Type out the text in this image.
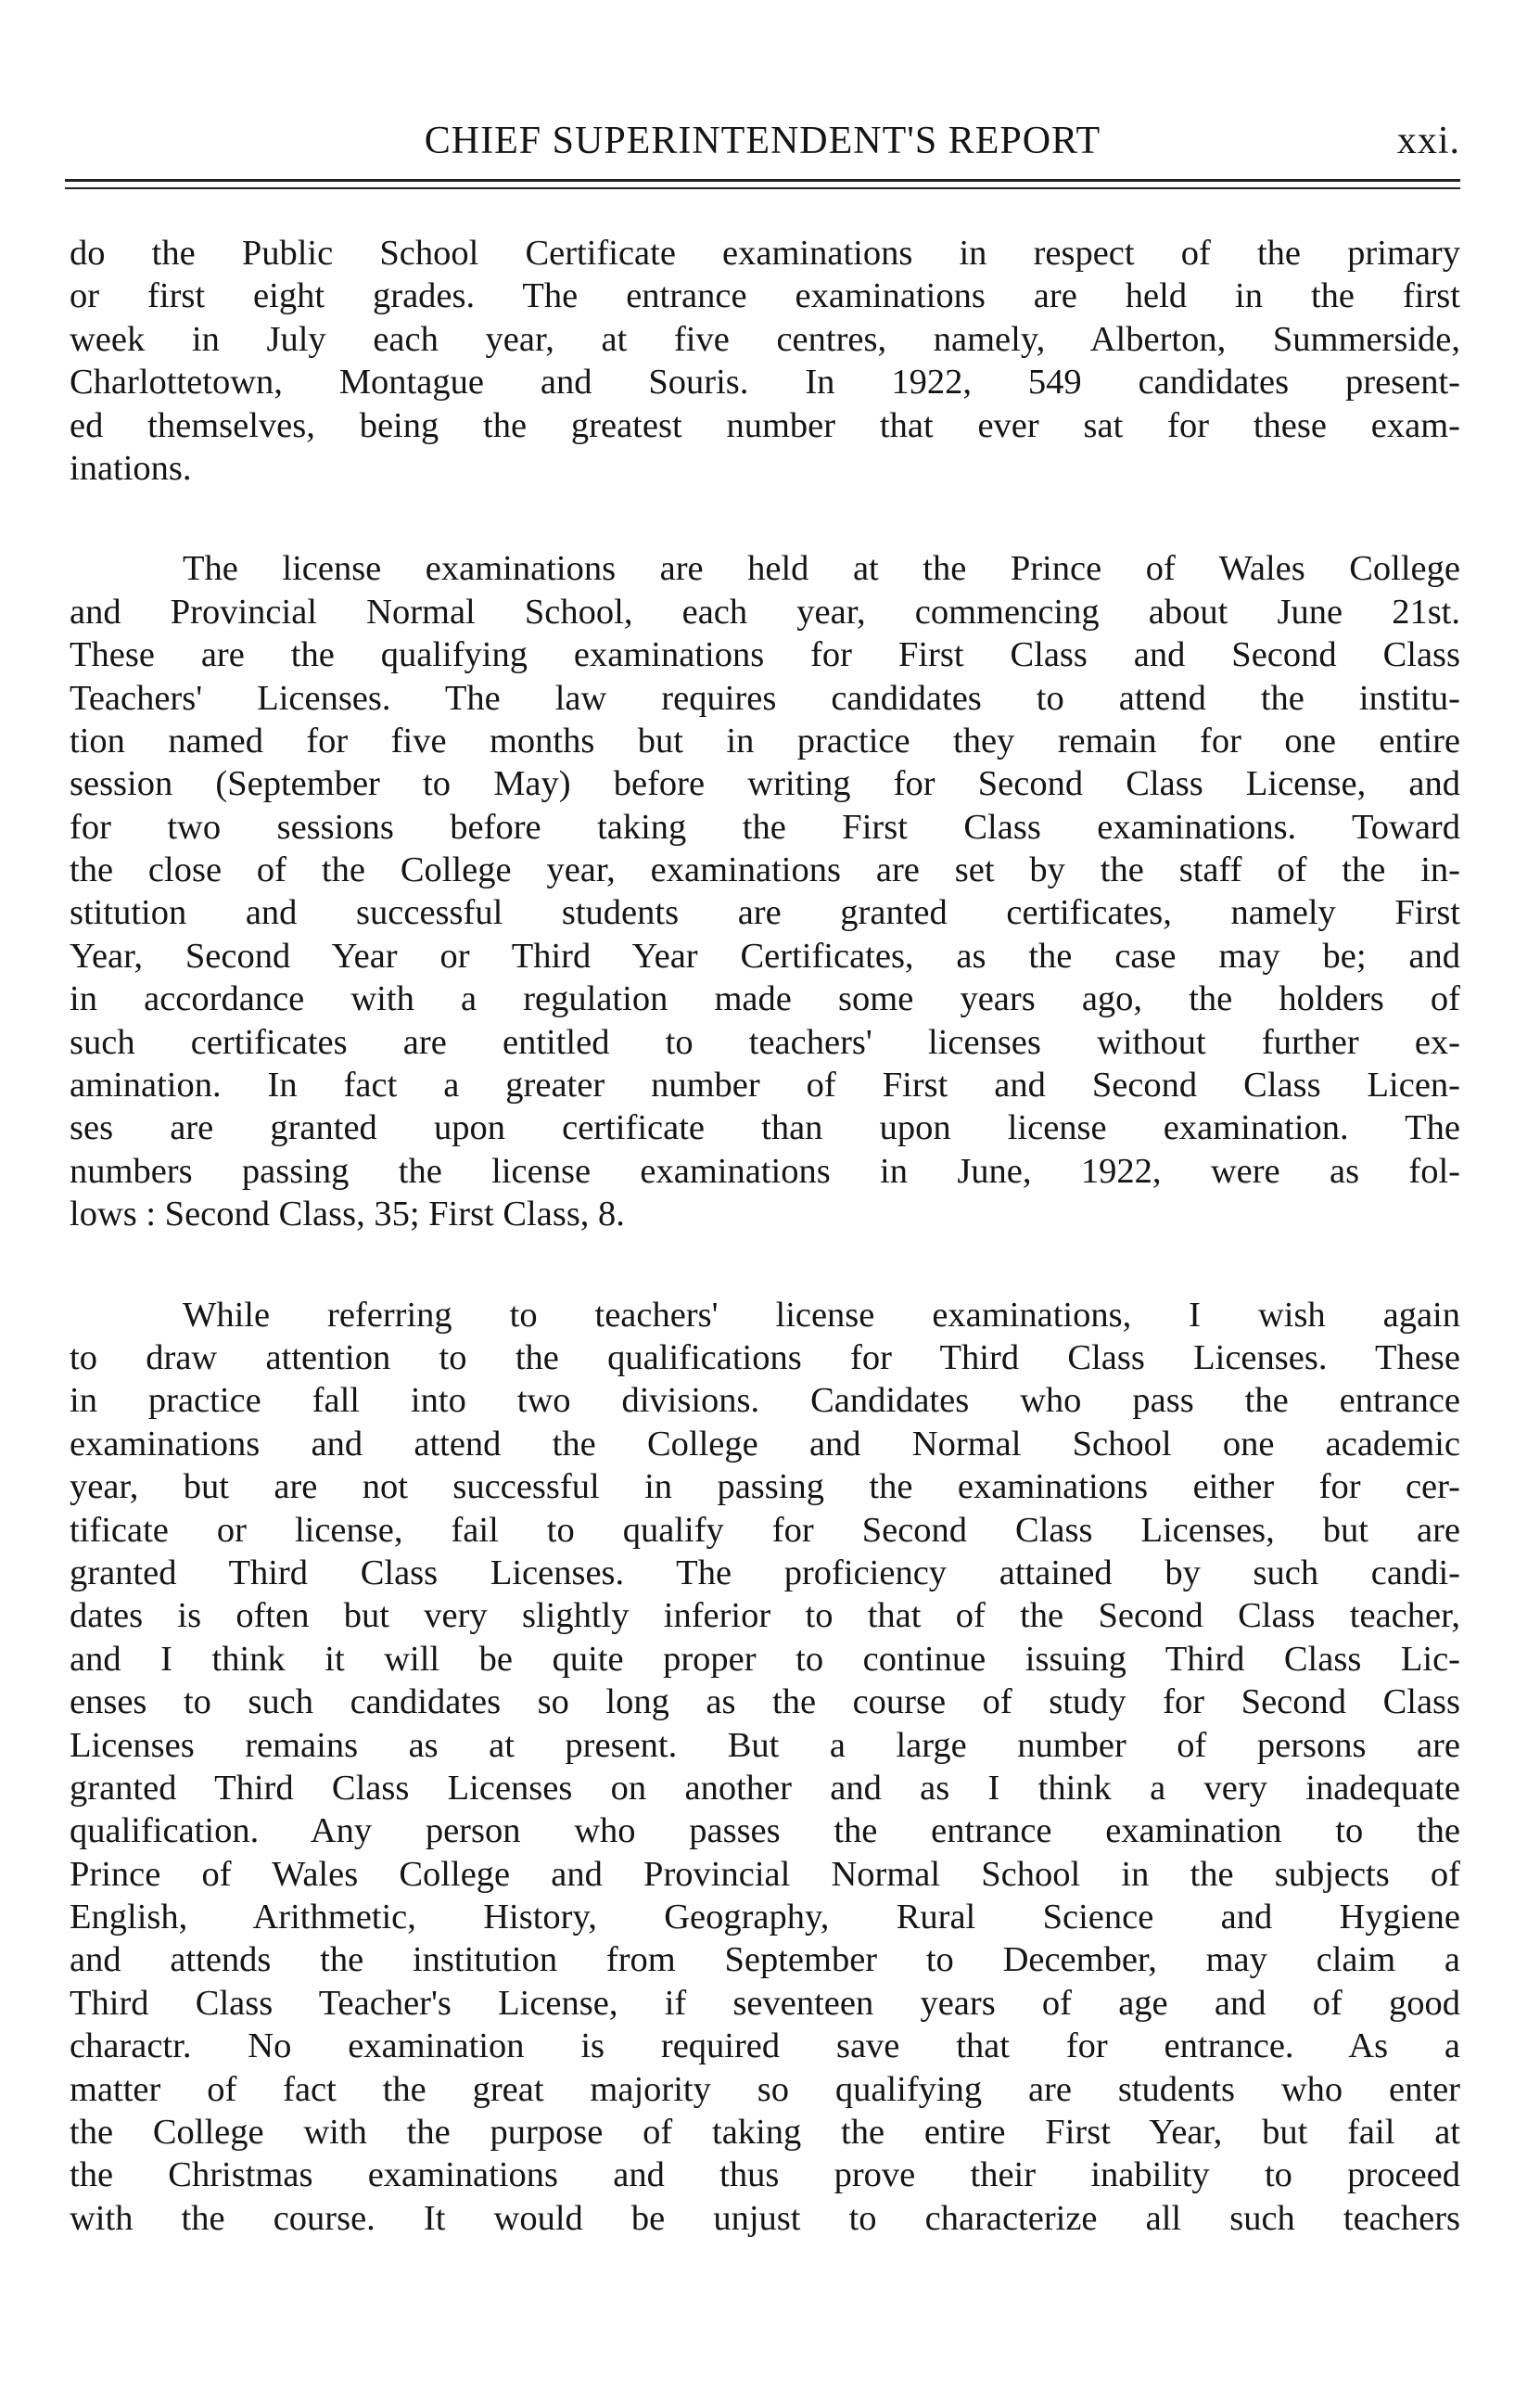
CHIEF SUPERINTENDENT'S REPORT	xxi.
do the Public School Certificate examinations in respect of the primary
or first eight grades. The entrance examinations are held in the first
week in July each year, at five centres, namely, Alberton, Summerside,
Charlottetown, Montague and Souris. In 1922, 549 candidates present-
ed themselves, being the greatest number that ever sat for these exam-
inations.
The license examinations are held at the Prince of Wales College
and Provincial Normal School, each year, commencing about June 21st.
These are the qualifying examinations for First Class and Second Class
Teachers' Licenses. The law requires candidates to attend the institu-
tion named for five months but in practice they remain for one entire
session (September to May) before writing for Second Class License, and
for two sessions before taking the First Class examinations. Toward
the close of the College year, examinations are set by the staff of the in-
stitution and successful students are granted certificates, namely First
Year, Second Year or Third Year Certificates, as the case may be; and
in accordance with a regulation made some years ago, the holders of
such certificates are entitled to teachers' licenses without further ex-
amination. In fact a greater number of First and Second Class Licen-
ses are granted upon certificate than upon license examination. The
numbers passing the license examinations in June, 1922, were as fol-
lows : Second Class, 35; First Class, 8.
While referring to teachers' license examinations, I wish again
to draw attention to the qualifications for Third Class Licenses. These
in practice fall into two divisions. Candidates who pass the entrance
examinations and attend the College and Normal School one academic
year, but are not successful in passing the examinations either for cer-
tificate or license, fail to qualify for Second Class Licenses, but are
granted Third Class Licenses. The proficiency attained by such candi-
dates is often but very slightly inferior to that of the Second Class teacher,
and I think it will be quite proper to continue issuing Third Class Lic-
enses to such candidates so long as the course of study for Second Class
Licenses remains as at present. But a large number of persons are
granted Third Class Licenses on another and as I think a very inadequate
qualification. Any person who passes the entrance examination to the
Prince of Wales College and Provincial Normal School in the subjects of
English, Arithmetic, History, Geography, Rural Science and Hygiene
and attends the institution from September to December, may claim a
Third Class Teacher's License, if seventeen years of age and of good
charactr. No examination is required save that for entrance. As a
matter of fact the great majority so qualifying are students who enter
the College with the purpose of taking the entire First Year, but fail at
the Christmas examinations and thus prove their inability to proceed
with the course. It would be unjust to characterize all such teachers
